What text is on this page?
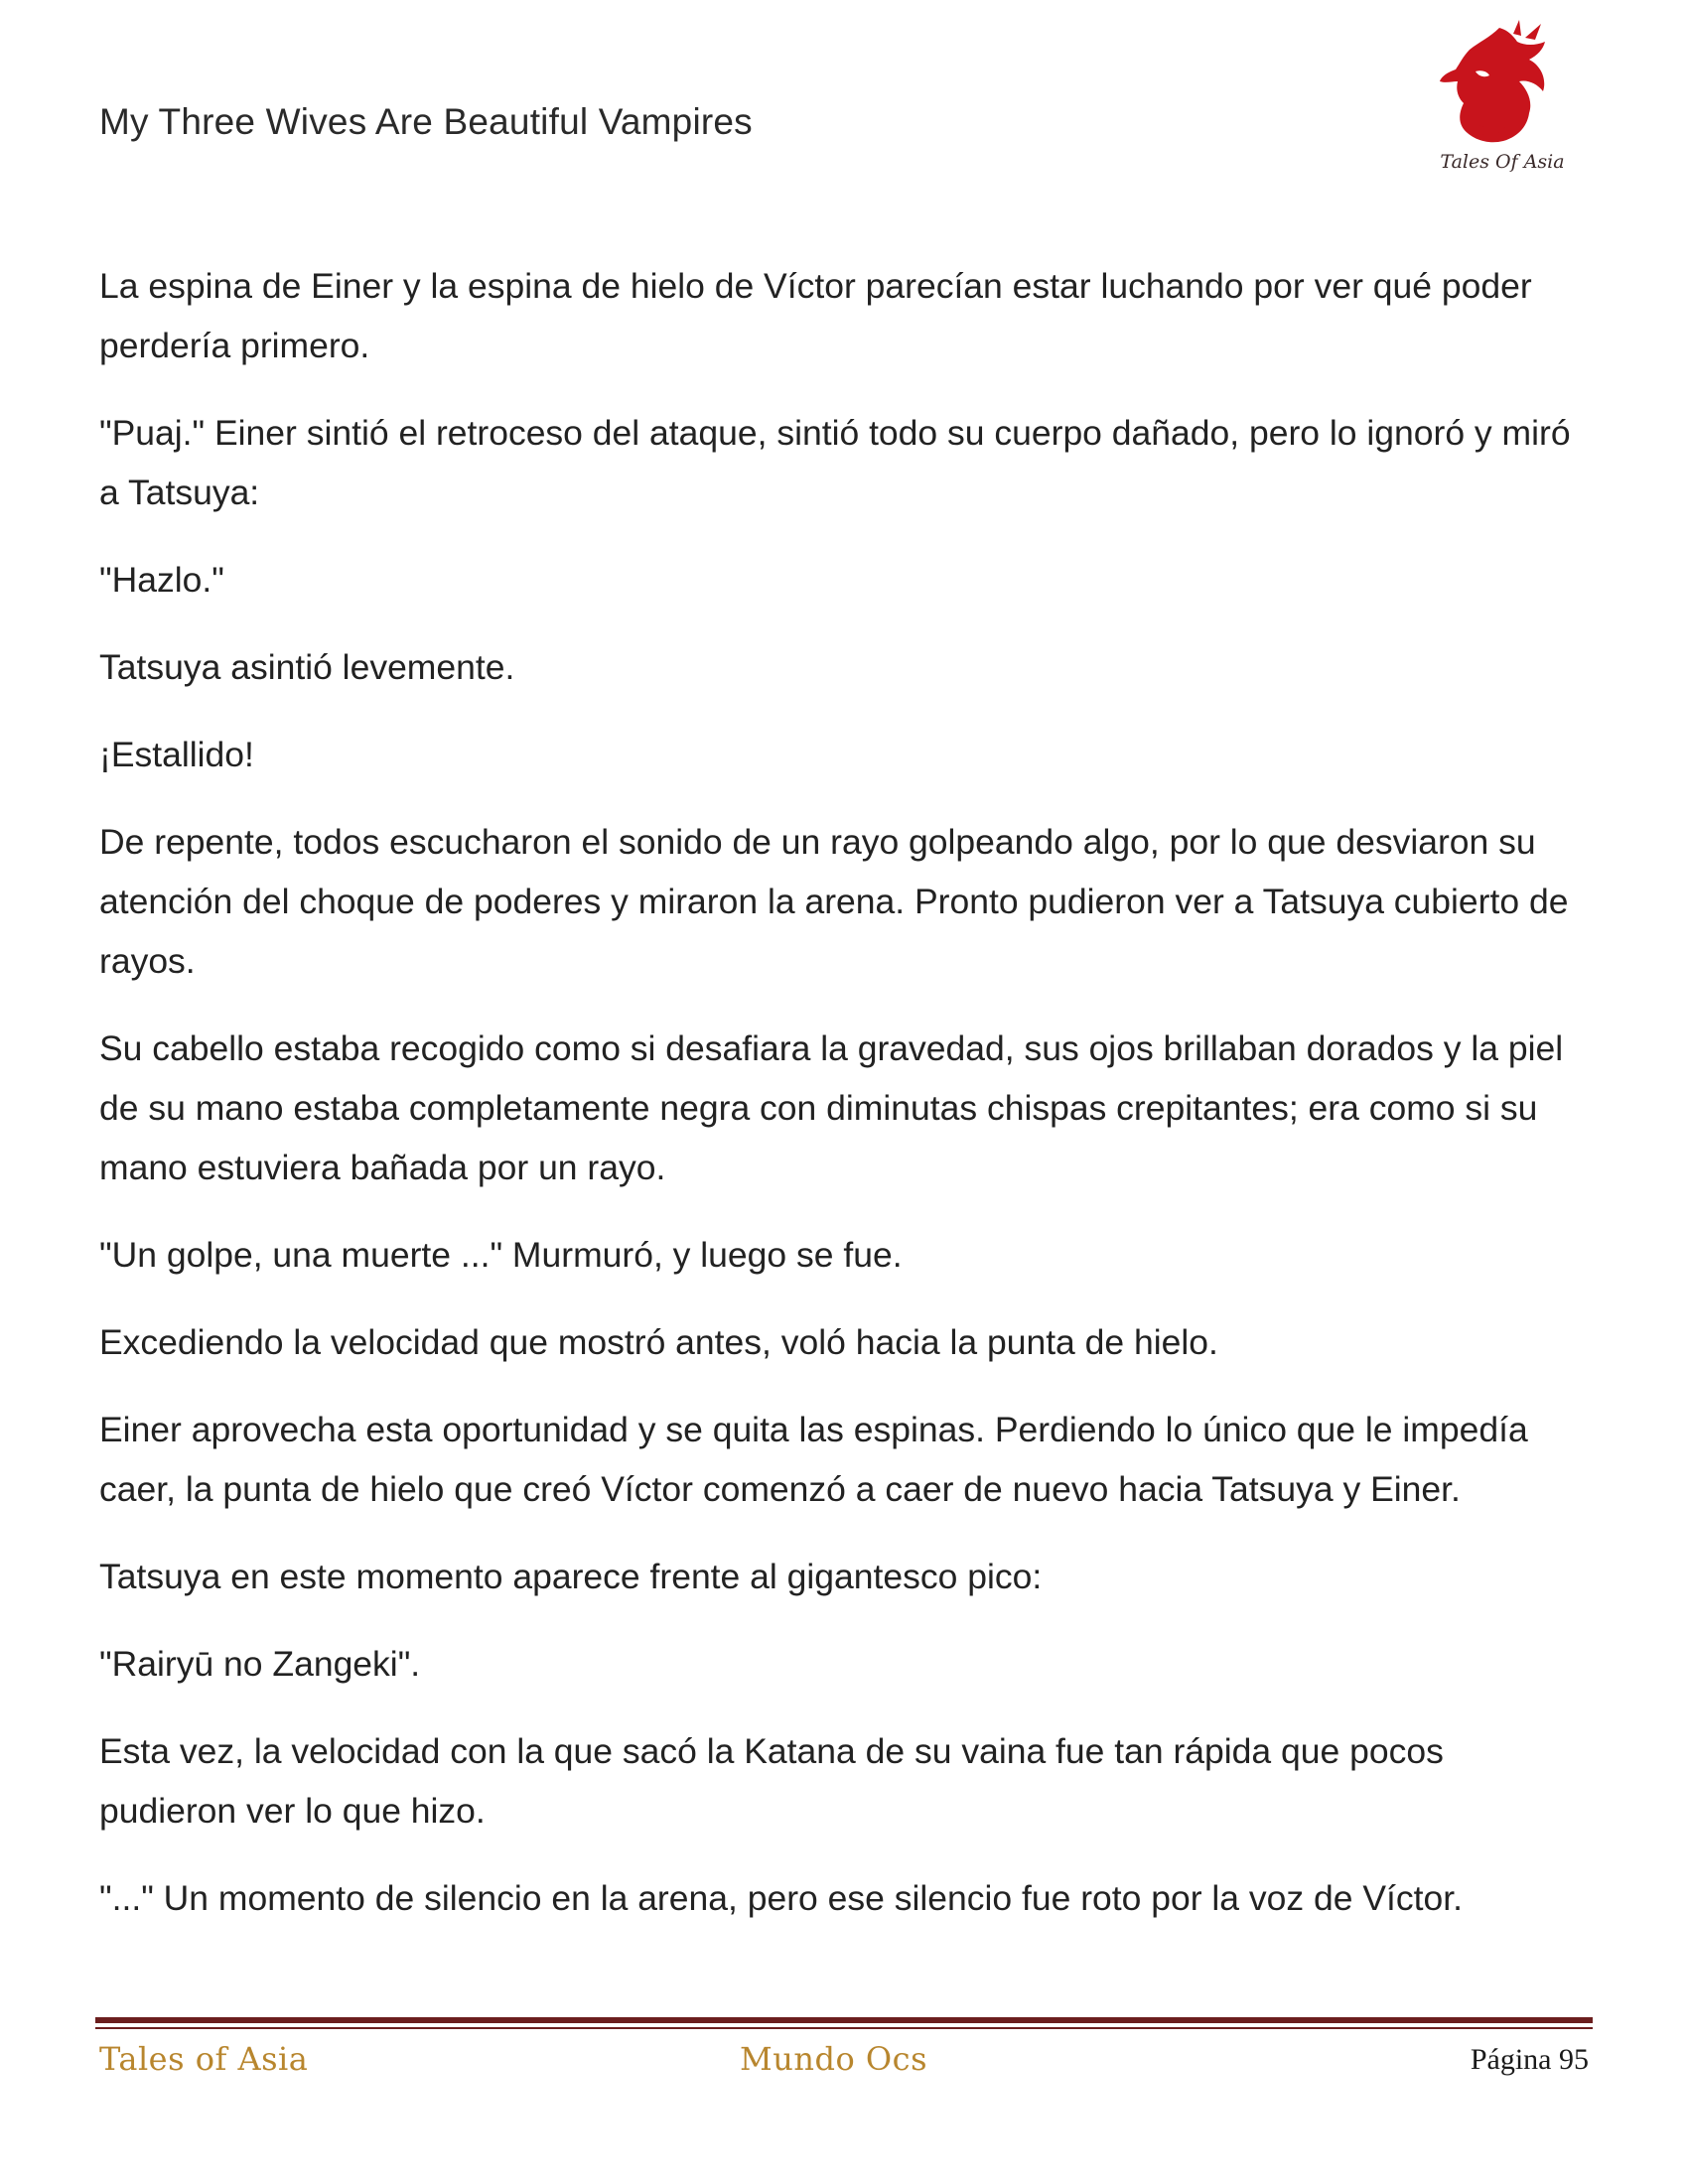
My Three Wives Are Beautiful Vampires
Tales Of Asia

La espina de Einer y la espina de hielo de Víctor parecían estar luchando por ver qué poder perdería primero.

"Puaj." Einer sintió el retroceso del ataque, sintió todo su cuerpo dañado, pero lo ignoró y miró a Tatsuya:

"Hazlo."

Tatsuya asintió levemente.

¡Estallido!

De repente, todos escucharon el sonido de un rayo golpeando algo, por lo que desviaron su atención del choque de poderes y miraron la arena. Pronto pudieron ver a Tatsuya cubierto de rayos.

Su cabello estaba recogido como si desafiara la gravedad, sus ojos brillaban dorados y la piel de su mano estaba completamente negra con diminutas chispas crepitantes; era como si su mano estuviera bañada por un rayo.

"Un golpe, una muerte ..." Murmuró, y luego se fue.

Excediendo la velocidad que mostró antes, voló hacia la punta de hielo.

Einer aprovecha esta oportunidad y se quita las espinas. Perdiendo lo único que le impedía caer, la punta de hielo que creó Víctor comenzó a caer de nuevo hacia Tatsuya y Einer.

Tatsuya en este momento aparece frente al gigantesco pico:

"Rairyū no Zangeki".

Esta vez, la velocidad con la que sacó la Katana de su vaina fue tan rápida que pocos pudieron ver lo que hizo.

"..." Un momento de silencio en la arena, pero ese silencio fue roto por la voz de Víctor.

Tales of Asia	Mundo Ocs	Página 95
